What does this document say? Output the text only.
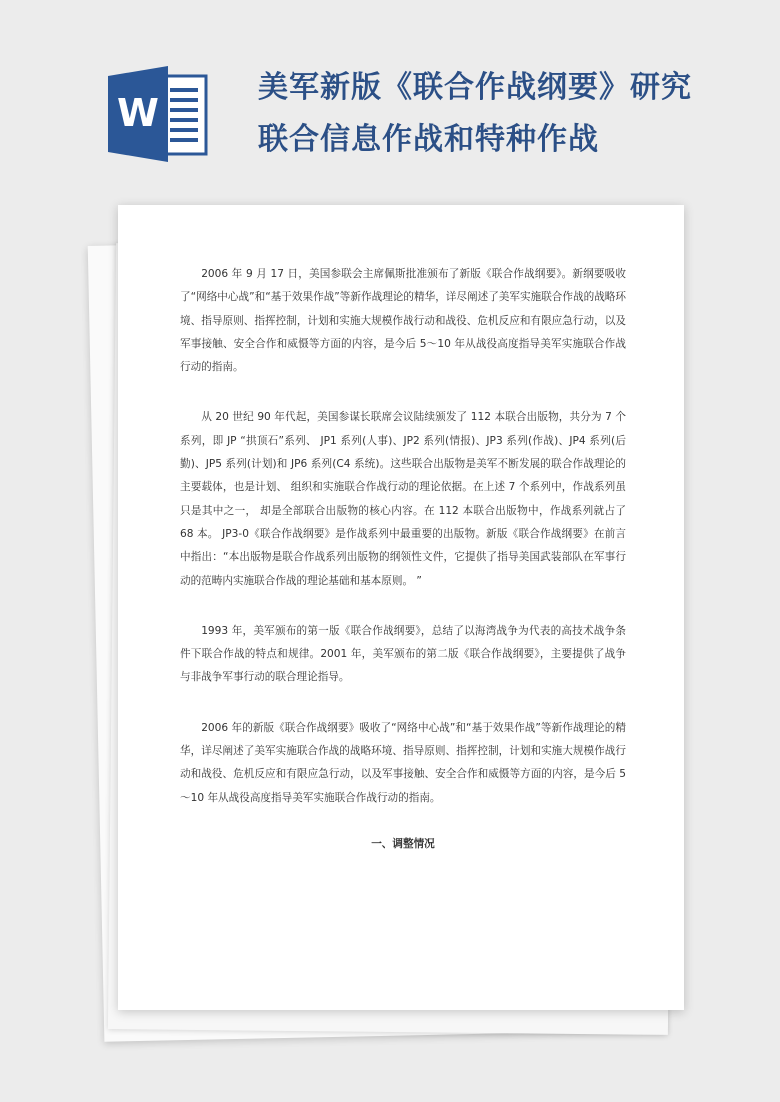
W
美军新版《联合作战纲要》研究联合信息作战和特种作战

2006 年 9 月 17 日，美国参联会主席佩斯批准颁布了新版《联合作战纲要》。新纲要吸收了“网络中心战”和“基于效果作战”等新作战理论的精华，详尽阐述了美军实施联合作战的战略环境、指导原则、指挥控制，计划和实施大规模作战行动和战役、危机反应和有限应急行动，以及军事接触、安全合作和威慑等方面的内容，是今后 5～10 年从战役高度指导美军实施联合作战行动的指南。

从 20 世纪 90 年代起，美国参谋长联席会议陆续颁发了 112 本联合出版物，共分为 7 个系列，即 JP “拱顶石”系列、 JP1 系列(人事)、JP2 系列(情报)、JP3 系列(作战)、JP4 系列(后勤)、JP5 系列(计划)和 JP6 系列(C4 系统)。这些联合出版物是美军不断发展的联合作战理论的主要载体，也是计划、 组织和实施联合作战行动的理论依据。在上述 7 个系列中，作战系列虽只是其中之一， 却是全部联合出版物的核心内容。在 112 本联合出版物中，作战系列就占了 68 本。 JP3-0《联合作战纲要》是作战系列中最重要的出版物。新版《联合作战纲要》在前言中指出：“本出版物是联合作战系列出版物的纲领性文件，它提供了指导美国武装部队在军事行动的范畴内实施联合作战的理论基础和基本原则。 ”

1993 年，美军颁布的第一版《联合作战纲要》，总结了以海湾战争为代表的高技术战争条件下联合作战的特点和规律。2001 年，美军颁布的第二版《联合作战纲要》，主要提供了战争与非战争军事行动的联合理论指导。

2006 年的新版《联合作战纲要》吸收了“网络中心战”和“基于效果作战”等新作战理论的精华，详尽阐述了美军实施联合作战的战略环境、指导原则、指挥控制，计划和实施大规模作战行动和战役、危机反应和有限应急行动，以及军事接触、安全合作和威慑等方面的内容，是今后 5～10 年从战役高度指导美军实施联合作战行动的指南。

一、调整情况
